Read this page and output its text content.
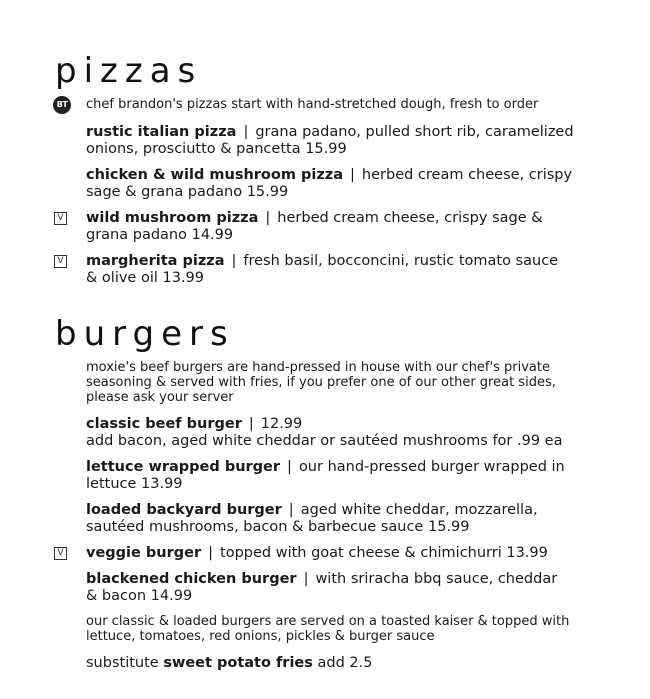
pizzas
BT chef brandon's pizzas start with hand-stretched dough, fresh to order

rustic italian pizza | grana padano, pulled short rib, caramelized

onions, prosciutto & pancetta 15.99

chicken & wild mushroom pizza | herbed cream cheese, crispy

sage & grana padano 15.99

V wild mushroom pizza | herbed cream cheese, crispy sage &

grana padano 14.99

V margherita pizza | fresh basil, bocconcini, rustic tomato sauce

& olive oil 13.99

burgers

moxie's beef burgers are hand-pressed in house with our chef's private

seasoning & served with fries, if you prefer one of our other great sides,

please ask your server

classic beef burger | 12.99

add bacon, aged white cheddar or sautéed mushrooms for .99 ea

lettuce wrapped burger | our hand-pressed burger wrapped in

lettuce 13.99

loaded backyard burger | aged white cheddar, mozzarella,

sautéed mushrooms, bacon & barbecue sauce 15.99

V veggie burger | topped with goat cheese & chimichurri 13.99

blackened chicken burger | with sriracha bbq sauce, cheddar

& bacon 14.99

our classic & loaded burgers are served on a toasted kaiser & topped with

lettuce, tomatoes, red onions, pickles & burger sauce

substitute sweet potato fries add 2.5
